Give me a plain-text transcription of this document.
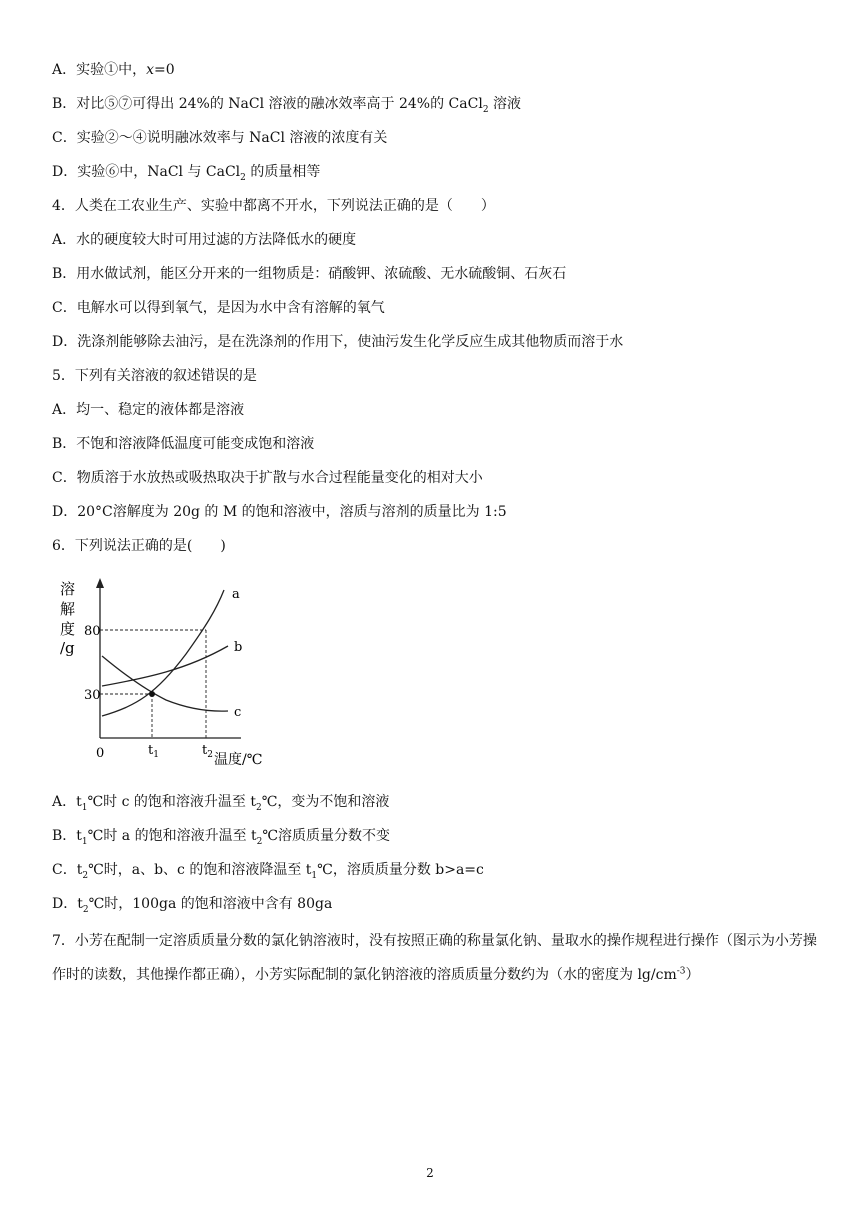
A．实验①中，x=0
B．对比⑤⑦可得出 24%的 NaCl 溶液的融冰效率高于 24%的 CaCl$_2$ 溶液
C．实验②～④说明融冰效率与 NaCl 溶液的浓度有关
D．实验⑥中，NaCl 与 CaCl$_2$ 的质量相等
4．人类在工农业生产、实验中都离不开水，下列说法正确的是（　　）
A．水的硬度较大时可用过滤的方法降低水的硬度
B．用水做试剂，能区分开来的一组物质是：硝酸钾、浓硫酸、无水硫酸铜、石灰石
C．电解水可以得到氧气，是因为水中含有溶解的氧气
D．洗涤剂能够除去油污，是在洗涤剂的作用下，使油污发生化学反应生成其他物质而溶于水
5．下列有关溶液的叙述错误的是
A．均一、稳定的液体都是溶液
B．不饱和溶液降低温度可能变成饱和溶液
C．物质溶于水放热或吸热取决于扩散与水合过程能量变化的相对大小
D．20°C溶解度为 20g 的 M 的饱和溶液中，溶质与溶剂的质量比为 1:5
6．下列说法正确的是(　　)
溶
解
度
/g
80
30
0	$t_1$	$t_2$ 温度/℃
a
b
c
A．$t_1℃$时 c 的饱和溶液升温至 $t_2℃$，变为不饱和溶液
B．$t_1℃$时 a 的饱和溶液升温至 $t_2℃$溶质质量分数不变
C．$t_2℃$时，a、b、c 的饱和溶液降温至 $t_1℃$，溶质质量分数 b>a=c
D．$t_2℃$时，100ga 的饱和溶液中含有 80ga
7．小芳在配制一定溶质质量分数的氯化钠溶液时，没有按照正确的称量氯化钠、量取水的操作规程进行操作（图示为小芳操作时的读数，其他操作都正确），小芳实际配制的氯化钠溶液的溶质质量分数约为（水的密度为 $\lg/cm^{-3}$）
2
